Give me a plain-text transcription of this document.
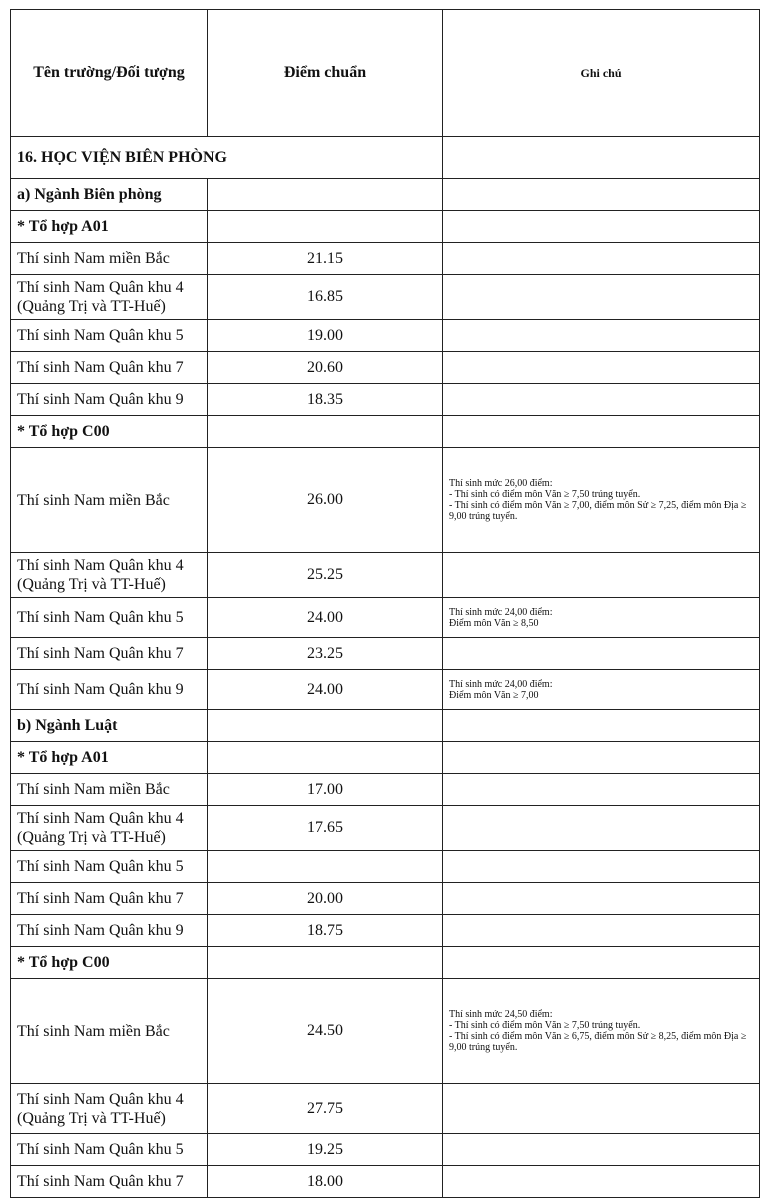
Tên trường/Đối tượng	Điểm chuẩn	Ghi chú
16. HỌC VIỆN BIÊN PHÒNG		
a) Ngành Biên phòng		
* Tổ hợp A01		
Thí sinh Nam miền Bắc	21.15	
Thí sinh Nam Quân khu 4 (Quảng Trị và TT-Huế)	16.85	
Thí sinh Nam Quân khu 5	19.00	
Thí sinh Nam Quân khu 7	20.60	
Thí sinh Nam Quân khu 9	18.35	
* Tổ hợp C00		
Thí sinh Nam miền Bắc	26.00	Thí sinh mức 26,00 điểm:
- Thí sinh có điểm môn Văn ≥ 7,50 trúng tuyển.
- Thí sinh có điểm môn Văn ≥ 7,00, điểm môn Sử ≥ 7,25, điểm môn Địa ≥ 9,00 trúng tuyển.

Thí sinh Nam Quân khu 4 (Quảng Trị và TT-Huế)	25.25	
Thí sinh Nam Quân khu 5	24.00	Thí sinh mức 24,00 điểm:
Điểm môn Văn ≥ 8,50

Thí sinh Nam Quân khu 7	23.25	
Thí sinh Nam Quân khu 9	24.00	Thí sinh mức 24,00 điểm:
Điểm môn Văn ≥ 7,00

b) Ngành Luật		
* Tổ hợp A01		
Thí sinh Nam miền Bắc	17.00	
Thí sinh Nam Quân khu 4 (Quảng Trị và TT-Huế)	17.65	
Thí sinh Nam Quân khu 5		
Thí sinh Nam Quân khu 7	20.00	
Thí sinh Nam Quân khu 9	18.75	
* Tổ hợp C00		
Thí sinh Nam miền Bắc	24.50	Thí sinh mức 24,50 điểm:
- Thí sinh có điểm môn Văn ≥ 7,50 trúng tuyển.
- Thí sinh có điểm môn Văn ≥ 6,75, điểm môn Sử ≥ 8,25, điểm môn Địa ≥ 9,00 trúng tuyển.

Thí sinh Nam Quân khu 4 (Quảng Trị và TT-Huế)	27.75	
Thí sinh Nam Quân khu 5	19.25	
Thí sinh Nam Quân khu 7	18.00	
